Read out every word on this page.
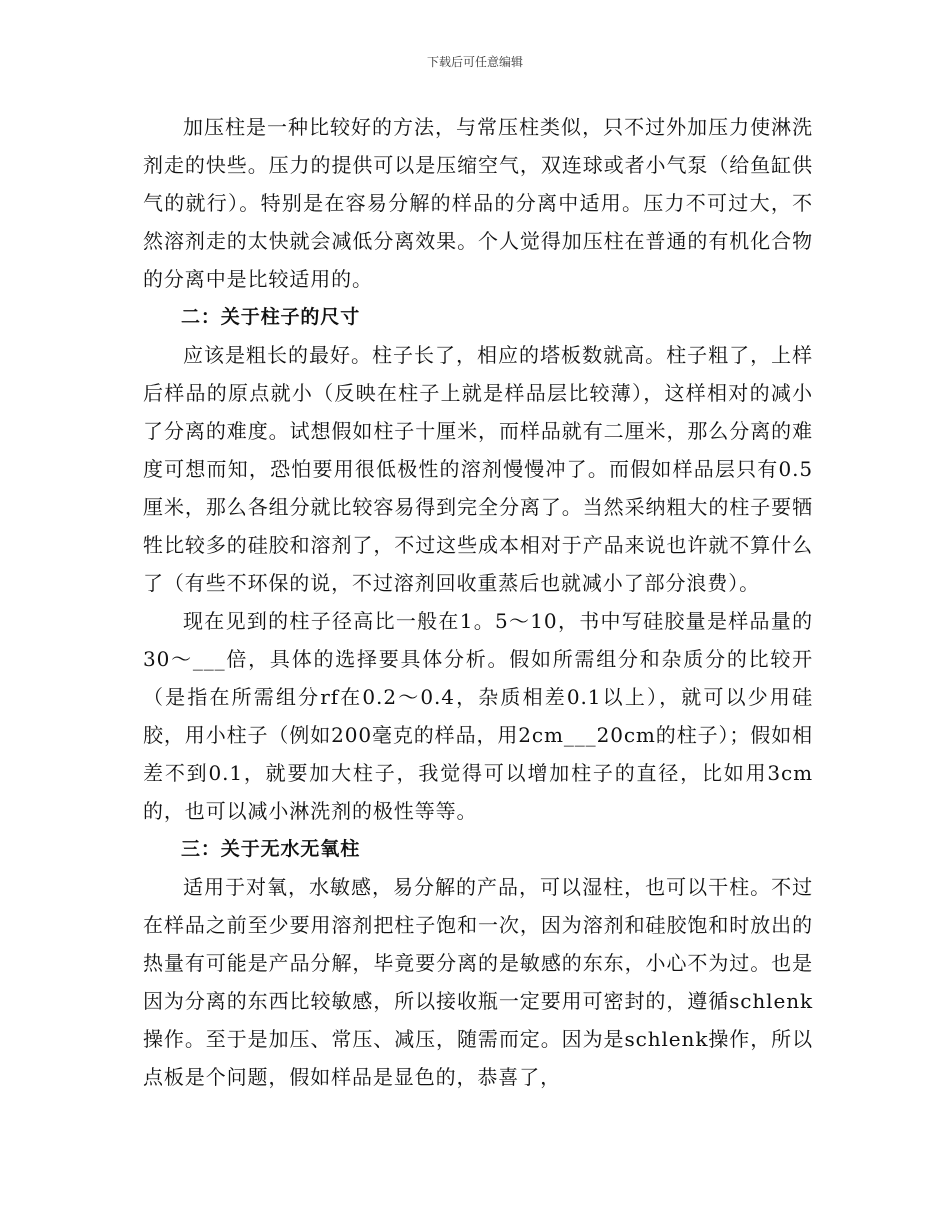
下载后可任意编辑

加压柱是一种比较好的方法，与常压柱类似，只不过外加压力使淋洗剂走的快些。压力的提供可以是压缩空气，双连球或者小气泵（给鱼缸供气的就行）。特别是在容易分解的样品的分离中适用。压力不可过大，不然溶剂走的太快就会减低分离效果。个人觉得加压柱在普通的有机化合物的分离中是比较适用的。

二：关于柱子的尺寸

应该是粗长的最好。柱子长了，相应的塔板数就高。柱子粗了，上样后样品的原点就小（反映在柱子上就是样品层比较薄），这样相对的减小了分离的难度。试想假如柱子十厘米，而样品就有二厘米，那么分离的难度可想而知，恐怕要用很低极性的溶剂慢慢冲了。而假如样品层只有0.5厘米，那么各组分就比较容易得到完全分离了。当然采纳粗大的柱子要牺牲比较多的硅胶和溶剂了，不过这些成本相对于产品来说也许就不算什么了（有些不环保的说，不过溶剂回收重蒸后也就减小了部分浪费）。

现在见到的柱子径高比一般在1。5～10，书中写硅胶量是样品量的30～___倍，具体的选择要具体分析。假如所需组分和杂质分的比较开（是指在所需组分rf在0.2～0.4，杂质相差0.1以上），就可以少用硅胶，用小柱子（例如200毫克的样品，用2cm___20cm的柱子）；假如相差不到0.1，就要加大柱子，我觉得可以增加柱子的直径，比如用3cm的，也可以减小淋洗剂的极性等等。

三：关于无水无氧柱

适用于对氧，水敏感，易分解的产品，可以湿柱，也可以干柱。不过在样品之前至少要用溶剂把柱子饱和一次，因为溶剂和硅胶饱和时放出的热量有可能是产品分解，毕竟要分离的是敏感的东东，小心不为过。也是因为分离的东西比较敏感，所以接收瓶一定要用可密封的，遵循schlenk操作。至于是加压、常压、减压，随需而定。因为是schlenk操作，所以点板是个问题，假如样品是显色的，恭喜了，
